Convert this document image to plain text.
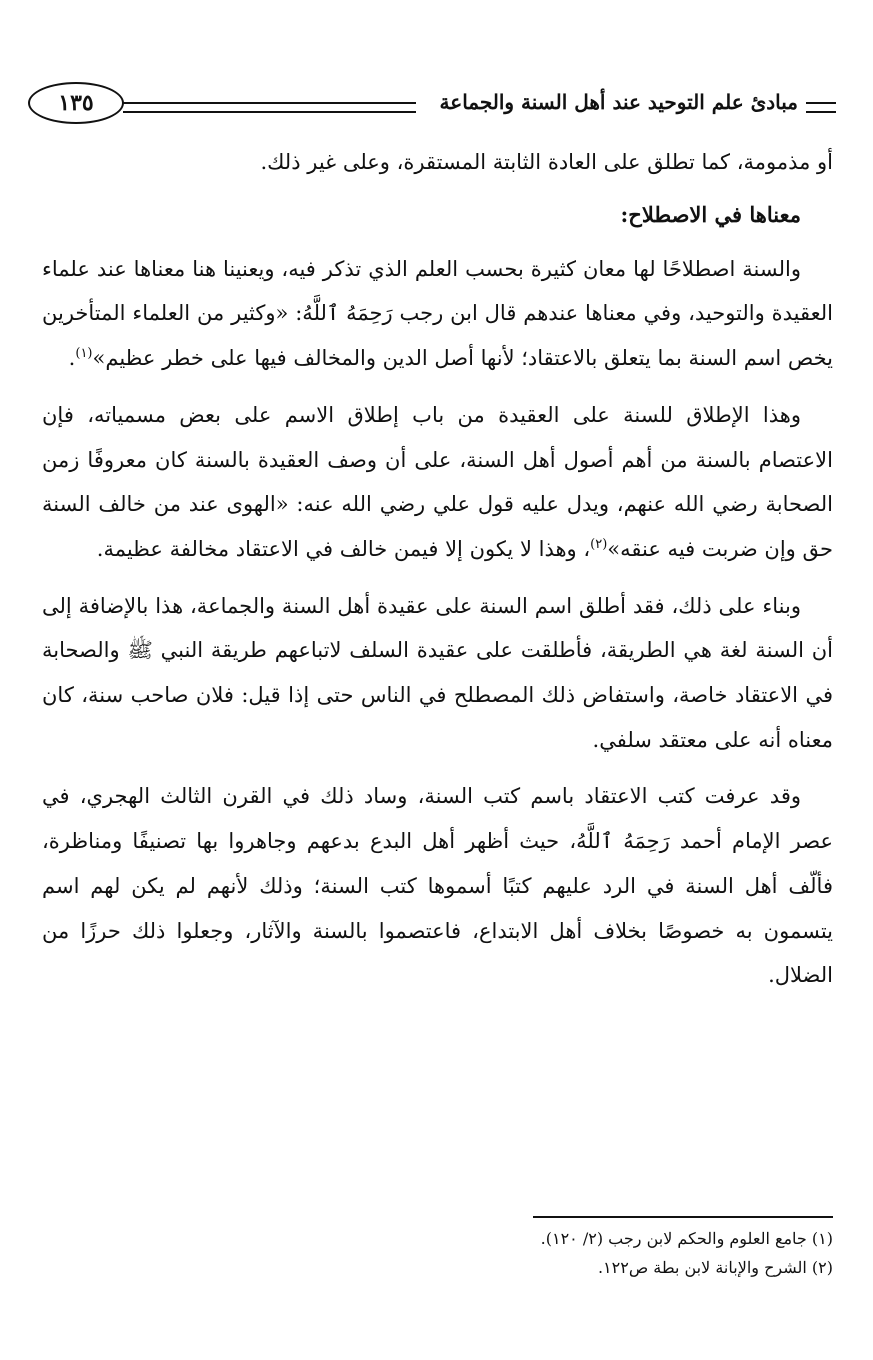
مبادئ علم التوحيد عند أهل السنة والجماعة
١٣٥

أو مذمومة، كما تطلق على العادة الثابتة المستقرة، وعلى غير ذلك.

معناها في الاصطلاح:

والسنة اصطلاحًا لها معان كثيرة بحسب العلم الذي تذكر فيه، ويعنينا هنا معناها عند علماء العقيدة والتوحيد، وفي معناها عندهم قال ابن رجب رَحِمَهُ ٱللَّهُ: «وكثير من العلماء المتأخرين يخص اسم السنة بما يتعلق بالاعتقاد؛ لأنها أصل الدين والمخالف فيها على خطر عظيم»$^{(١)}$.

وهذا الإطلاق للسنة على العقيدة من باب إطلاق الاسم على بعض مسمياته، فإن الاعتصام بالسنة من أهم أصول أهل السنة، على أن وصف العقيدة بالسنة كان معروفًا زمن الصحابة رضي الله عنهم، ويدل عليه قول علي رضي الله عنه: «الهوى عند من خالف السنة حق وإن ضربت فيه عنقه»$^{(٢)}$، وهذا لا يكون إلا فيمن خالف في الاعتقاد مخالفة عظيمة.

وبناء على ذلك، فقد أطلق اسم السنة على عقيدة أهل السنة والجماعة، هذا بالإضافة إلى أن السنة لغة هي الطريقة، فأطلقت على عقيدة السلف لاتباعهم طريقة النبي ﷺ والصحابة في الاعتقاد خاصة، واستفاض ذلك المصطلح في الناس حتى إذا قيل: فلان صاحب سنة، كان معناه أنه على معتقد سلفي.

وقد عرفت كتب الاعتقاد باسم كتب السنة، وساد ذلك في القرن الثالث الهجري، في عصر الإمام أحمد رَحِمَهُ ٱللَّهُ، حيث أظهر أهل البدع بدعهم وجاهروا بها تصنيفًا ومناظرة، فألّف أهل السنة في الرد عليهم كتبًا أسموها كتب السنة؛ وذلك لأنهم لم يكن لهم اسم يتسمون به خصوصًا بخلاف أهل الابتداع، فاعتصموا بالسنة والآثار، وجعلوا ذلك حرزًا من الضلال.

(١) جامع العلوم والحكم لابن رجب (٢/ ١٢٠).

(٢) الشرح والإبانة لابن بطة ص١٢٢.
